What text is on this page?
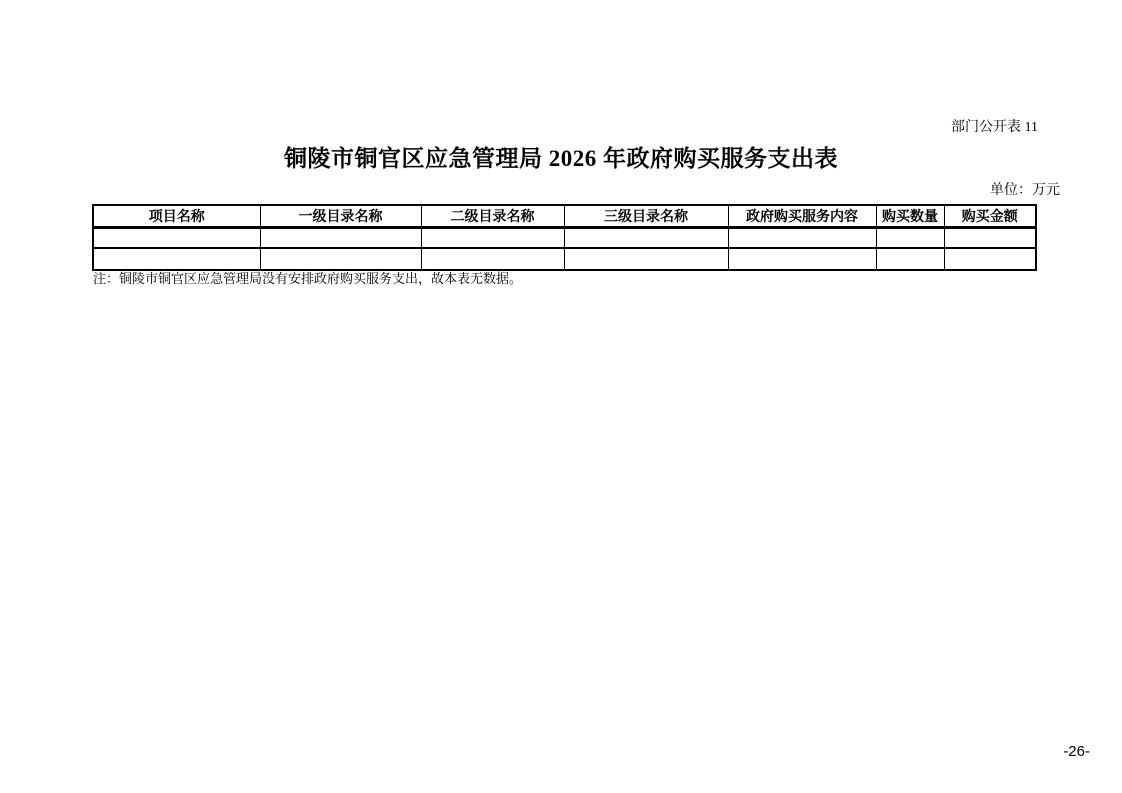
部门公开表 11
铜陵市铜官区应急管理局 2026 年政府购买服务支出表
单位：万元
项目名称	一级目录名称	二级目录名称	三级目录名称	政府购买服务内容	购买数量	购买金额

注：铜陵市铜官区应急管理局没有安排政府购买服务支出，故本表无数据。
-26-
